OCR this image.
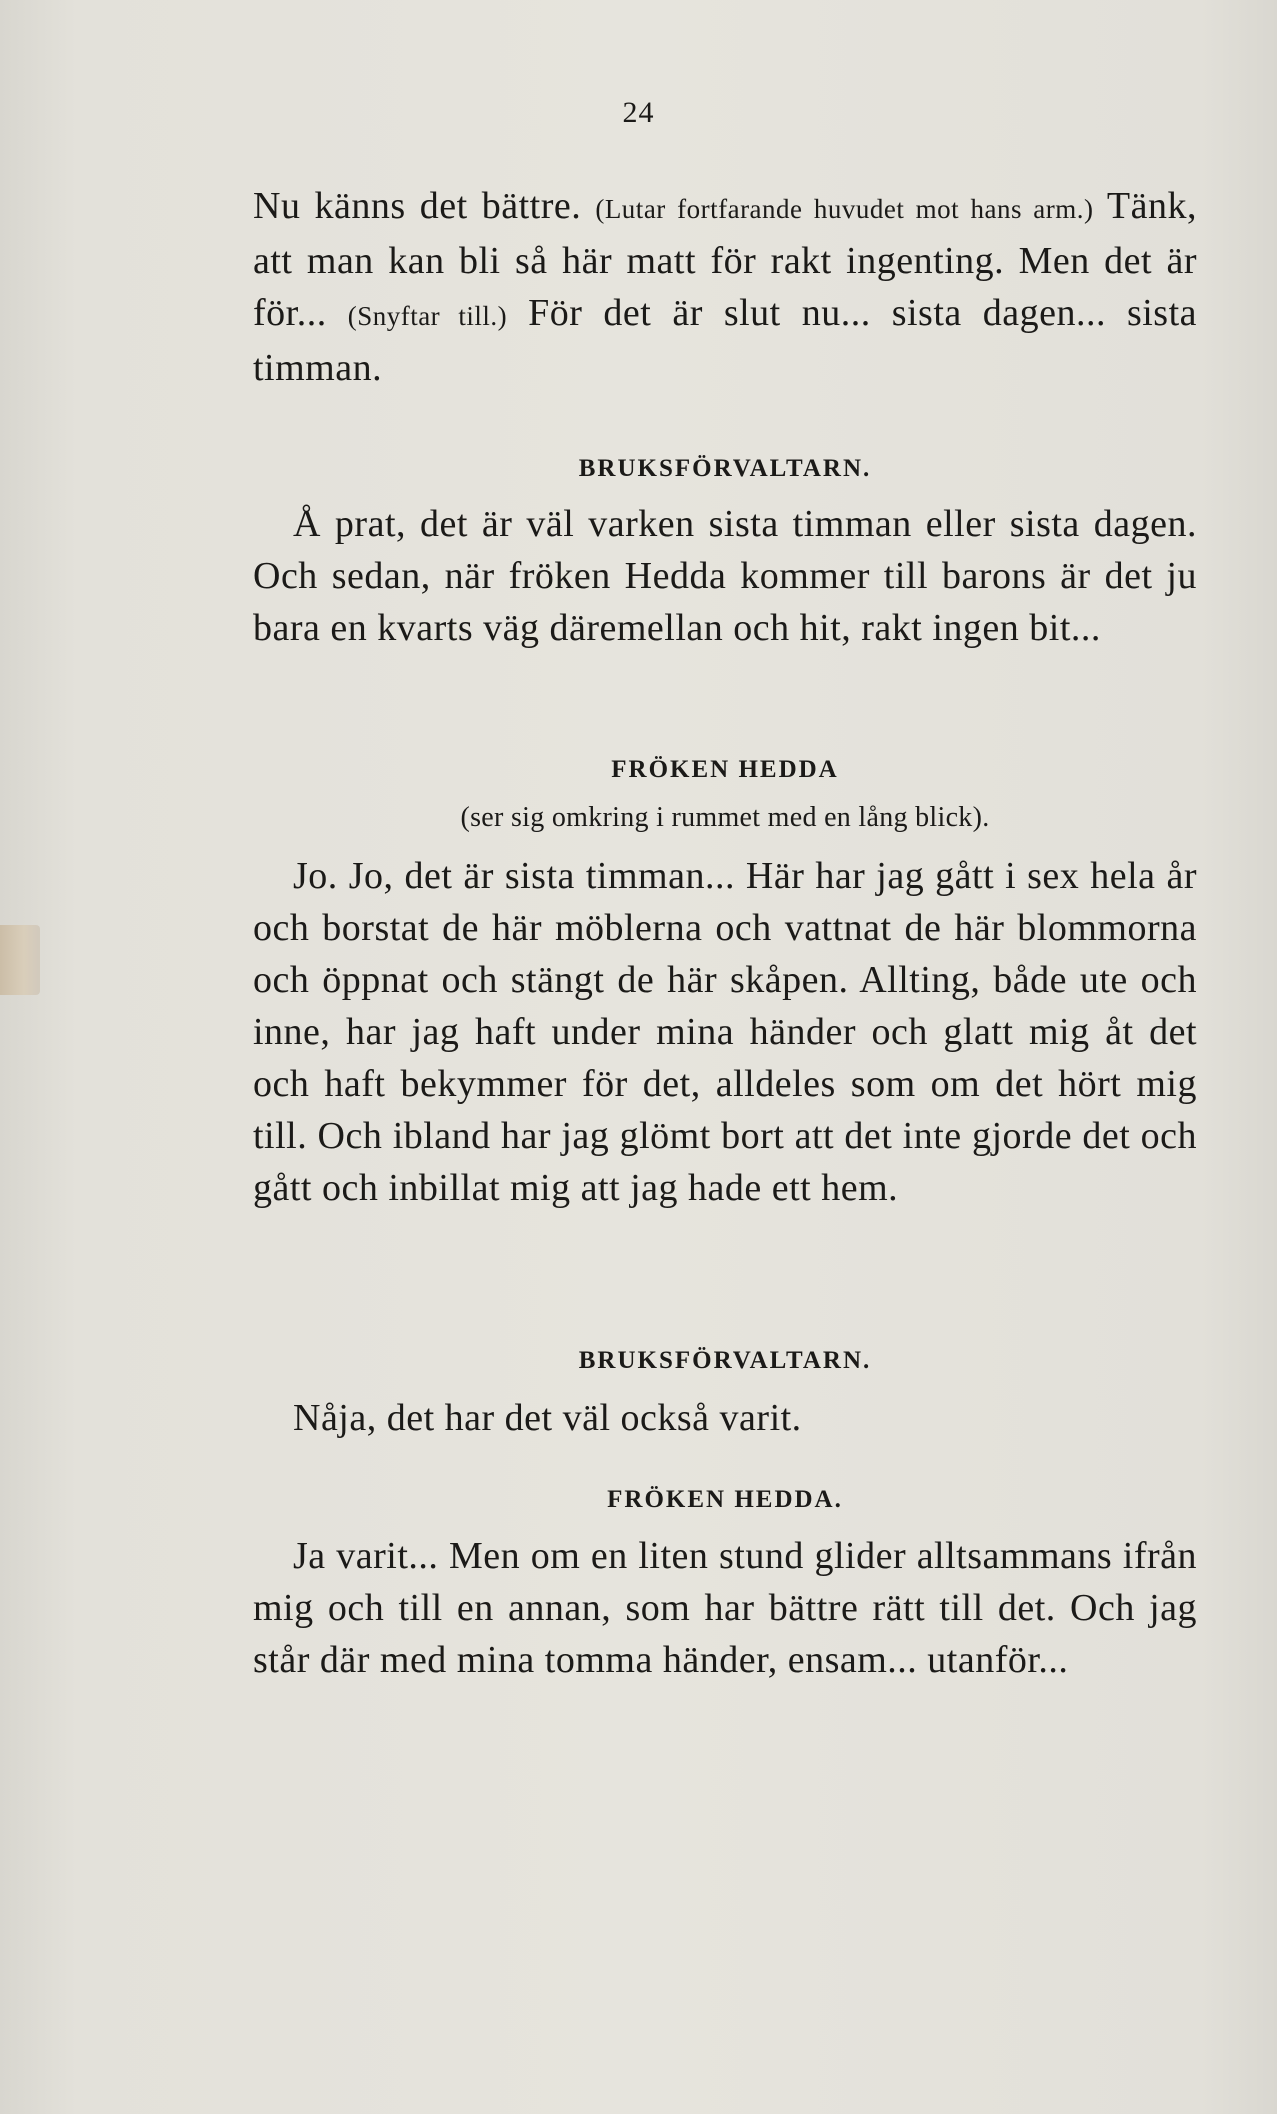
24
Nu känns det bättre. (Lutar fortfarande huvudet mot hans arm.) Tänk, att man kan bli så här matt för rakt ingenting. Men det är för... (Snyftar till.) För det är slut nu... sista dagen... sista timman.
BRUKSFÖRVALTARN.
Å prat, det är väl varken sista timman eller sista dagen. Och sedan, när fröken Hedda kommer till barons är det ju bara en kvarts väg däremellan och hit, rakt ingen bit...
FRÖKEN HEDDA
(ser sig omkring i rummet med en lång blick).
Jo. Jo, det är sista timman... Här har jag gått i sex hela år och borstat de här möblerna och vattnat de här blommorna och öppnat och stängt de här skåpen. Allting, både ute och inne, har jag haft under mina händer och glatt mig åt det och haft bekymmer för det, alldeles som om det hört mig till. Och ibland har jag glömt bort att det inte gjorde det och gått och inbillat mig att jag hade ett hem.
BRUKSFÖRVALTARN.
Nåja, det har det väl också varit.
FRÖKEN HEDDA.
Ja varit... Men om en liten stund glider alltsammans ifrån mig och till en annan, som har bättre rätt till det. Och jag står där med mina tomma händer, ensam... utanför...
